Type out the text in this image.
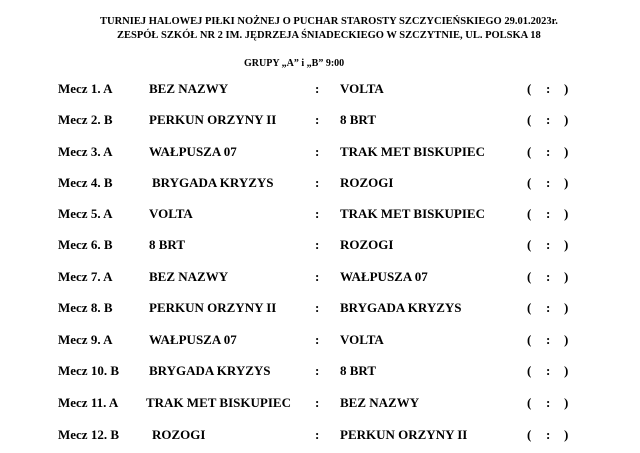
TURNIEJ HALOWEJ PIŁKI NOŻNEJ O PUCHAR STAROSTY SZCZYCIEŃSKIEGO 29.01.2023r.
ZESPÓŁ SZKÓŁ NR 2 IM. JĘDRZEJA ŚNIADECKIEGO W SZCZYTNIE, UL. POLSKA 18
GRUPY „A” i „B” 9:00
Mecz 1. A	BEZ NAZWY	: VOLTA	( : )
Mecz 2. B	PERKUN ORZYNY II	: 8 BRT	( : )
Mecz 3. A	WAŁPUSZA 07	: TRAK MET BISKUPIEC	( : )
Mecz 4. B	BRYGADA KRYZYS	: ROZOGI	( : )
Mecz 5. A	VOLTA	: TRAK MET BISKUPIEC	( : )
Mecz 6. B	8 BRT	: ROZOGI	( : )
Mecz 7. A	BEZ NAZWY	: WAŁPUSZA 07	( : )
Mecz 8. B	PERKUN ORZYNY II	: BRYGADA KRYZYS	( : )
Mecz 9. A	WAŁPUSZA 07	: VOLTA	( : )
Mecz 10. B BRYGADA KRYZYS	: 8 BRT	( : )
Mecz 11. A TRAK MET BISKUPIEC : BEZ NAZWY	( : )
Mecz 12. B	ROZOGI	: PERKUN ORZYNY II	( : )
